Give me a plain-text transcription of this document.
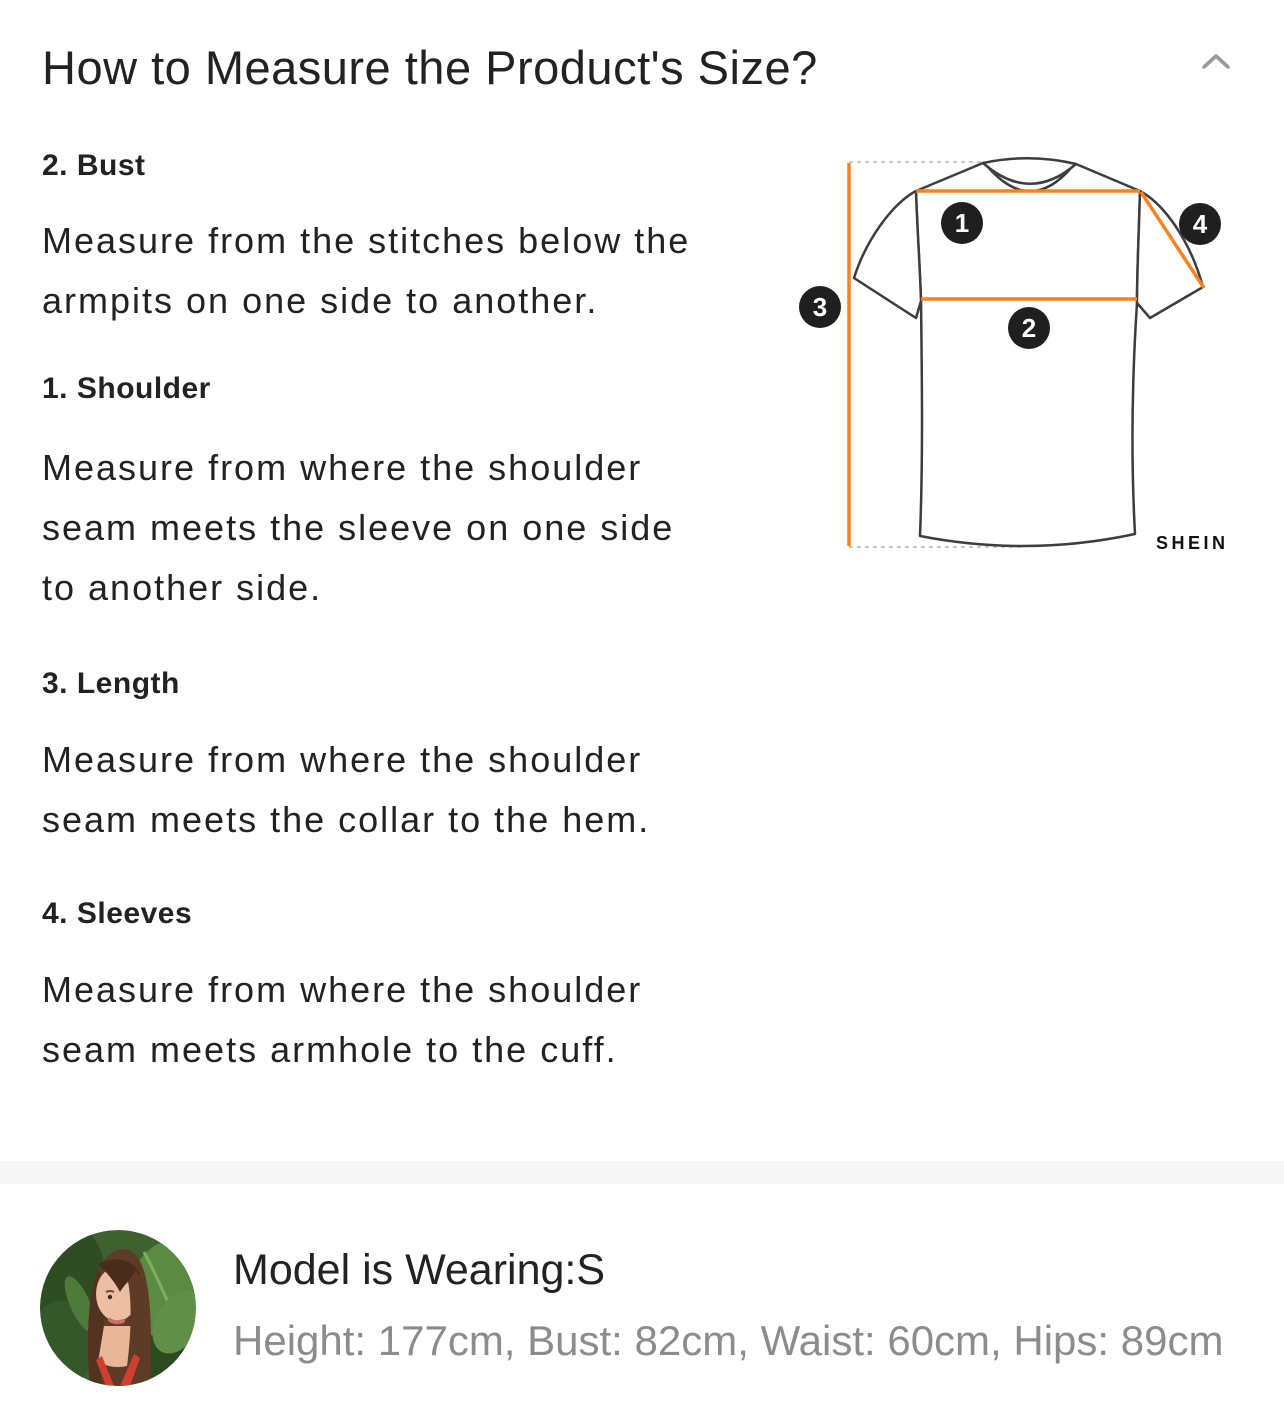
How to Measure the Product's Size?
2. Bust
Measure from the stitches below the armpits on one side to another.
1. Shoulder
Measure from where the shoulder seam meets the sleeve on one side to another side.
3. Length
Measure from where the shoulder seam meets the collar to the hem.
4. Sleeves
Measure from where the shoulder seam meets armhole to the cuff.
1
2
3
4
SHEIN
Model is Wearing:S
Height: 177cm, Bust: 82cm, Waist: 60cm, Hips: 89cm
